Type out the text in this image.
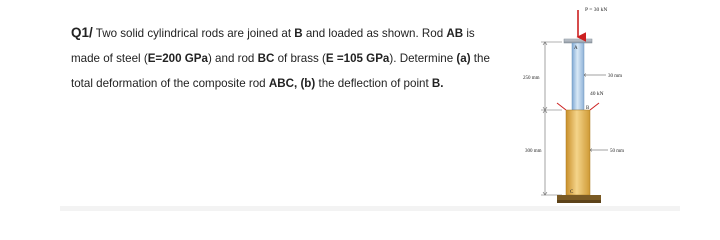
Q1/ Two solid cylindrical rods are joined at B and loaded as shown. Rod AB is

made of steel (E=200 GPa) and rod BC of brass (E =105 GPa). Determine (a) the

total deformation of the composite rod ABC, (b) the deflection of point B.

P = 30 kN
A
30 mm
250 mm
40 kN
B
300 mm	50 mm
C
